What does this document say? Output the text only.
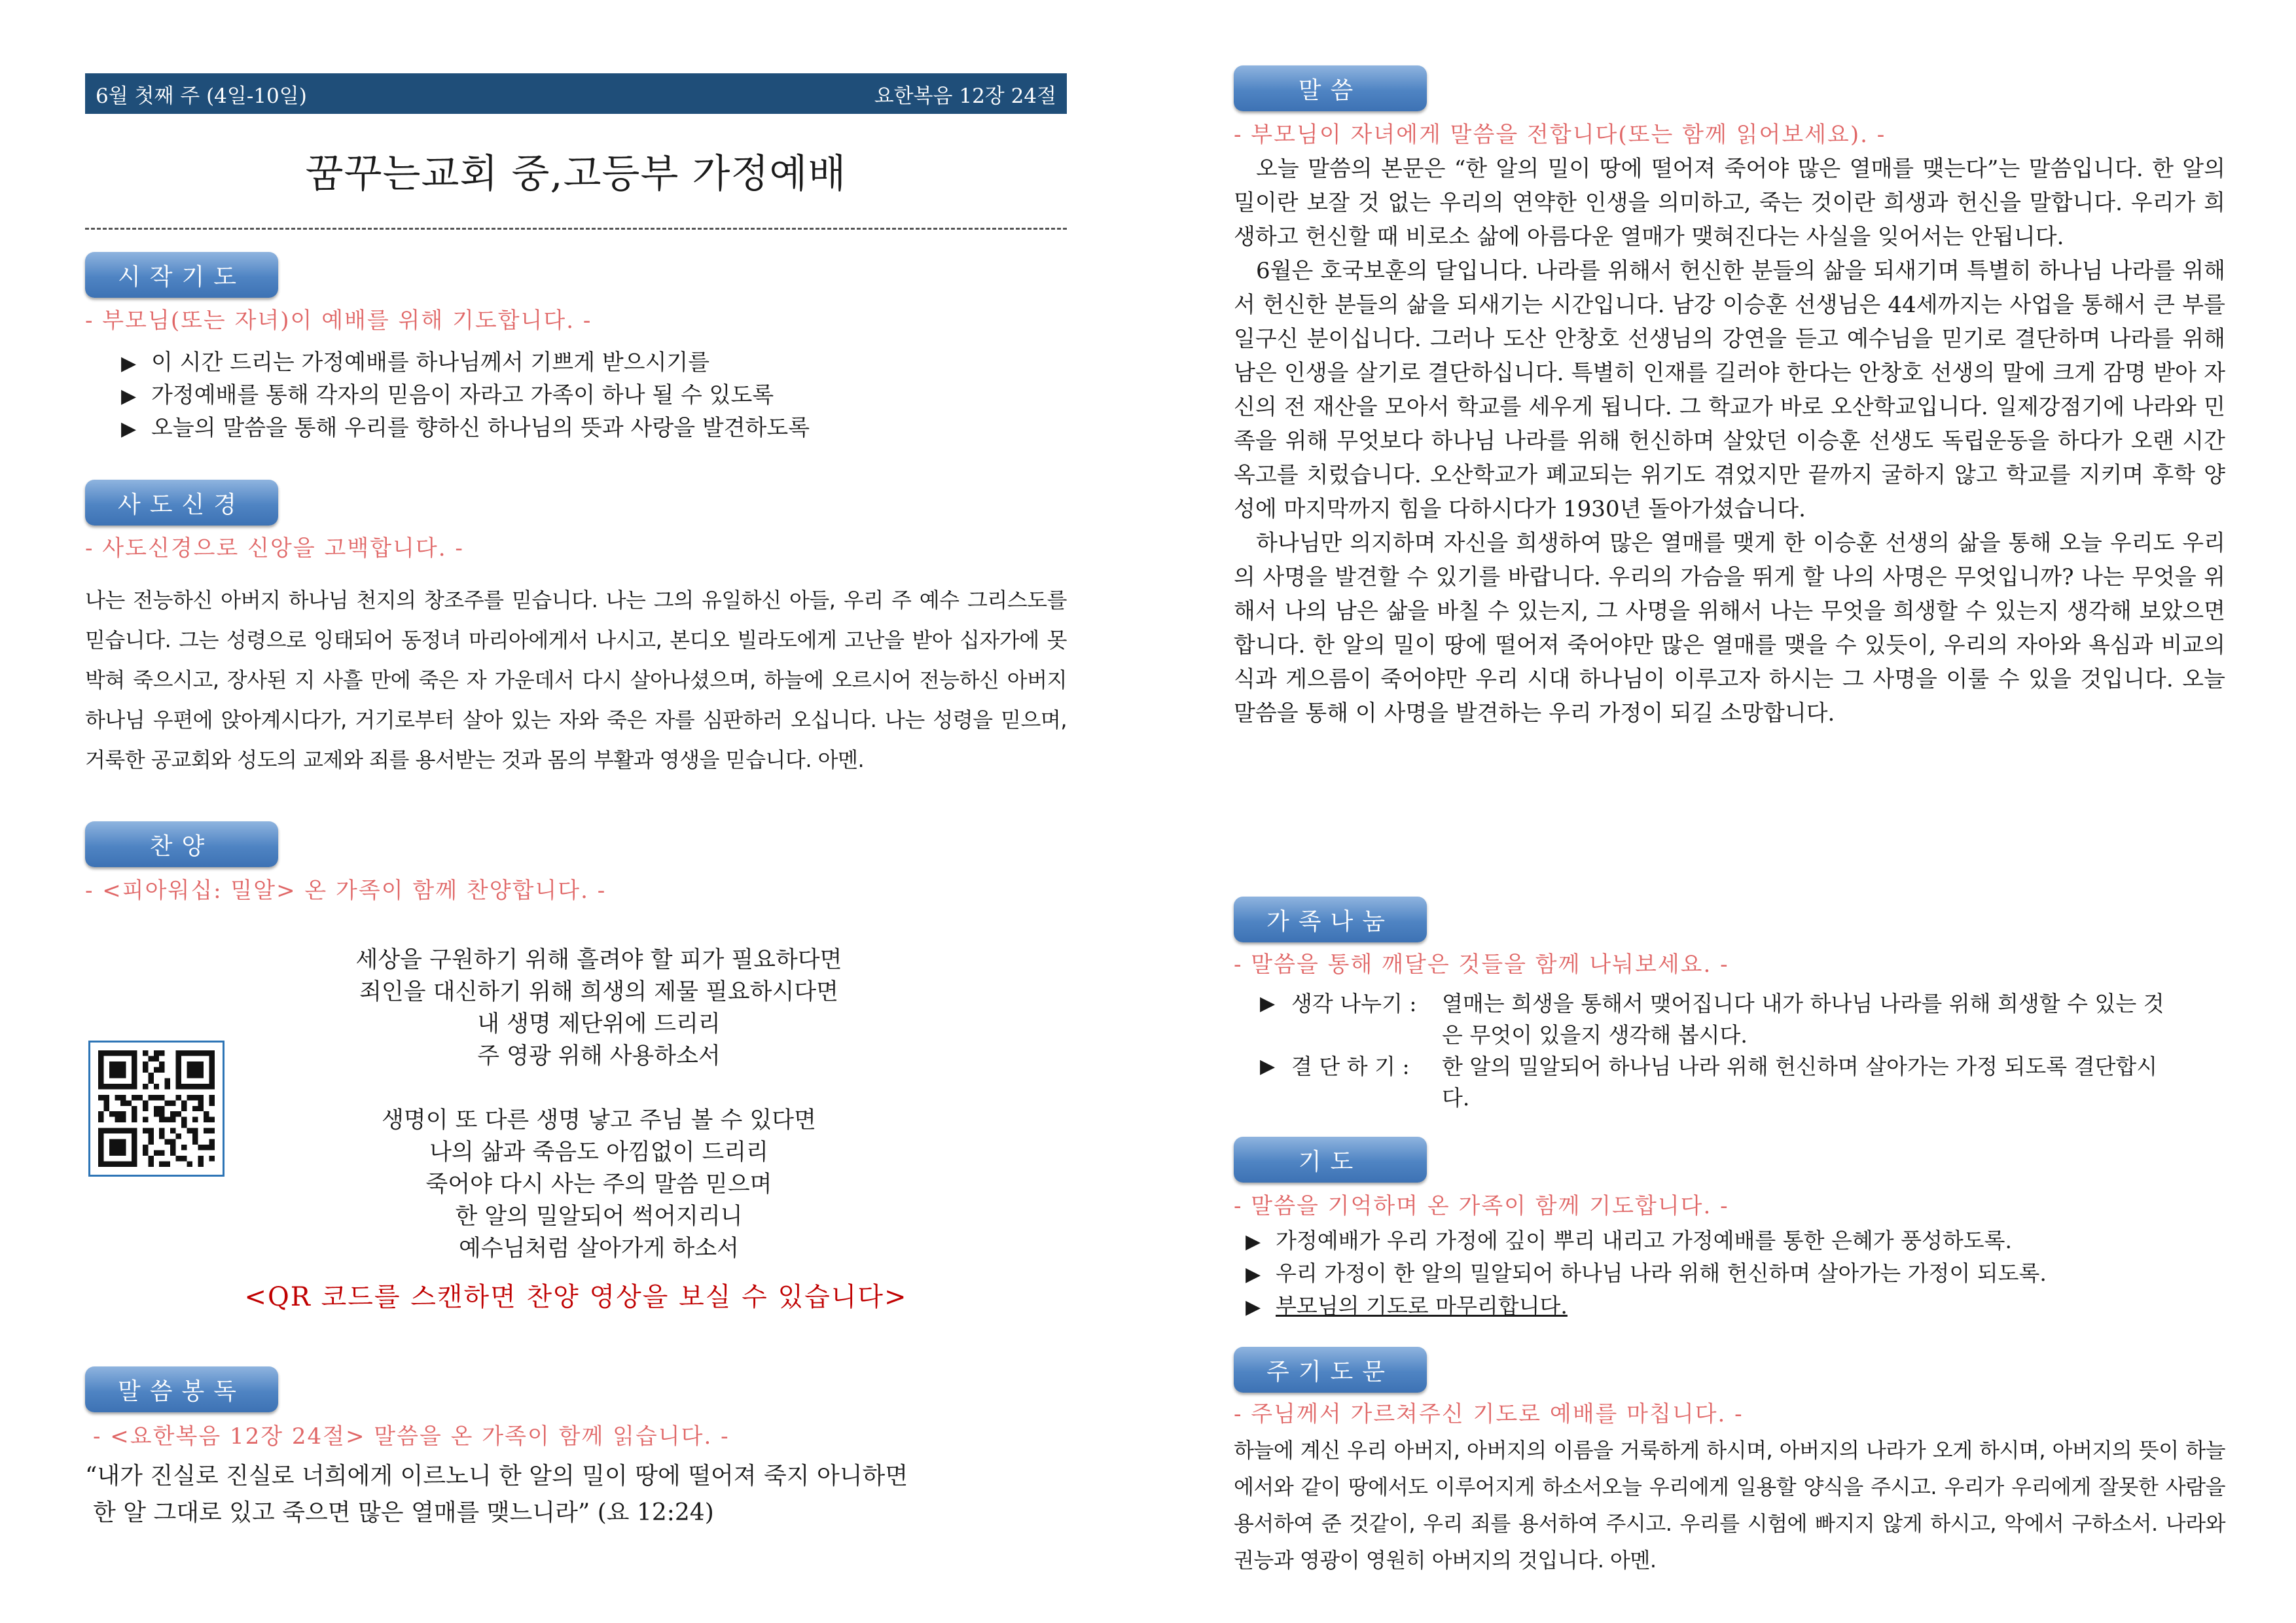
6월 첫째 주 (4일-10일)	요한복음 12장 24절
꿈꾸는교회 중,고등부 가정예배
시작기도
- 부모님(또는 자녀)이 예배를 위해 기도합니다. -
▶ 이 시간 드리는 가정예배를 하나님께서 기쁘게 받으시기를
▶ 가정예배를 통해 각자의 믿음이 자라고 가족이 하나 될 수 있도록
▶ 오늘의 말씀을 통해 우리를 향하신 하나님의 뜻과 사랑을 발견하도록
사도신경
- 사도신경으로 신앙을 고백합니다. -
나는 전능하신 아버지 하나님 천지의 창조주를 믿습니다. 나는 그의 유일하신 아들, 우리 주 예수 그리스도를 믿습니다. 그는 성령으로 잉태되어 동정녀 마리아에게서 나시고, 본디오 빌라도에게 고난을 받아 십자가에 못 박혀 죽으시고, 장사된 지 사흘 만에 죽은 자 가운데서 다시 살아나셨으며, 하늘에 오르시어 전능하신 아버지 하나님 우편에 앉아계시다가, 거기로부터 살아 있는 자와 죽은 자를 심판하러 오십니다. 나는 성령을 믿으며, 거룩한 공교회와 성도의 교제와 죄를 용서받는 것과 몸의 부활과 영생을 믿습니다. 아멘.
찬양
- <피아워십: 밀알> 온 가족이 함께 찬양합니다. -
세상을 구원하기 위해 흘려야 할 피가 필요하다면
죄인을 대신하기 위해 희생의 제물 필요하시다면
내 생명 제단위에 드리리
주 영광 위해 사용하소서
생명이 또 다른 생명 낳고 주님 볼 수 있다면
나의 삶과 죽음도 아낌없이 드리리
죽어야 다시 사는 주의 말씀 믿으며
한 알의 밀알되어 썩어지리니
예수님처럼 살아가게 하소서
<QR 코드를 스캔하면 찬양 영상을 보실 수 있습니다>
말씀봉독
- <요한복음 12장 24절> 말씀을 온 가족이 함께 읽습니다. -
“내가 진실로 진실로 너희에게 이르노니 한 알의 밀이 땅에 떨어져 죽지 아니하면
한 알 그대로 있고 죽으면 많은 열매를 맺느니라” (요 12:24)
말씀
- 부모님이 자녀에게 말씀을 전합니다(또는 함께 읽어보세요). -

오늘 말씀의 본문은 “한 알의 밀이 땅에 떨어져 죽어야 많은 열매를 맺는다”는 말씀입니다. 한 알의 밀이란 보잘 것 없는 우리의 연약한 인생을 의미하고, 죽는 것이란 희생과 헌신을 말합니다. 우리가 희생하고 헌신할 때 비로소 삶에 아름다운 열매가 맺혀진다는 사실을 잊어서는 안됩니다.

6월은 호국보훈의 달입니다. 나라를 위해서 헌신한 분들의 삶을 되새기며 특별히 하나님 나라를 위해서 헌신한 분들의 삶을 되새기는 시간입니다. 남강 이승훈 선생님은 44세까지는 사업을 통해서 큰 부를 일구신 분이십니다. 그러나 도산 안창호 선생님의 강연을 듣고 예수님을 믿기로 결단하며 나라를 위해 남은 인생을 살기로 결단하십니다. 특별히 인재를 길러야 한다는 안창호 선생의 말에 크게 감명 받아 자신의 전 재산을 모아서 학교를 세우게 됩니다. 그 학교가 바로 오산학교입니다. 일제강점기에 나라와 민족을 위해 무엇보다 하나님 나라를 위해 헌신하며 살았던 이승훈 선생도 독립운동을 하다가 오랜 시간 옥고를 치렀습니다. 오산학교가 폐교되는 위기도 겪었지만 끝까지 굴하지 않고 학교를 지키며 후학 양성에 마지막까지 힘을 다하시다가 1930년 돌아가셨습니다.

하나님만 의지하며 자신을 희생하여 많은 열매를 맺게 한 이승훈 선생의 삶을 통해 오늘 우리도 우리의 사명을 발견할 수 있기를 바랍니다. 우리의 가슴을 뛰게 할 나의 사명은 무엇입니까? 나는 무엇을 위해서 나의 남은 삶을 바칠 수 있는지, 그 사명을 위해서 나는 무엇을 희생할 수 있는지 생각해 보았으면 합니다. 한 알의 밀이 땅에 떨어져 죽어야만 많은 열매를 맺을 수 있듯이, 우리의 자아와 욕심과 비교의식과 게으름이 죽어야만 우리 시대 하나님이 이루고자 하시는 그 사명을 이룰 수 있을 것입니다. 오늘 말씀을 통해 이 사명을 발견하는 우리 가정이 되길 소망합니다.

가족나눔
- 말씀을 통해 깨달은 것들을 함께 나눠보세요. -
▶ 생각 나누기 :	열매는 희생을 통해서 맺어집니다 내가 하나님 나라를 위해 희생할 수 있는 것은 무엇이 있을지 생각해 봅시다.
▶ 결 단 하 기 :	한 알의 밀알되어 하나님 나라 위해 헌신하며 살아가는 가정 되도록 결단합시다.
기도
- 말씀을 기억하며 온 가족이 함께 기도합니다. -
▶ 가정예배가 우리 가정에 깊이 뿌리 내리고 가정예배를 통한 은혜가 풍성하도록.
▶ 우리 가정이 한 알의 밀알되어 하나님 나라 위해 헌신하며 살아가는 가정이 되도록.
▶ 부모님의 기도로 마무리합니다.
주기도문
- 주님께서 가르쳐주신 기도로 예배를 마칩니다. -
하늘에 계신 우리 아버지, 아버지의 이름을 거룩하게 하시며, 아버지의 나라가 오게 하시며, 아버지의 뜻이 하늘에서와 같이 땅에서도 이루어지게 하소서오늘 우리에게 일용할 양식을 주시고. 우리가 우리에게 잘못한 사람을 용서하여 준 것같이, 우리 죄를 용서하여 주시고. 우리를 시험에 빠지지 않게 하시고, 악에서 구하소서. 나라와 권능과 영광이 영원히 아버지의 것입니다. 아멘.
